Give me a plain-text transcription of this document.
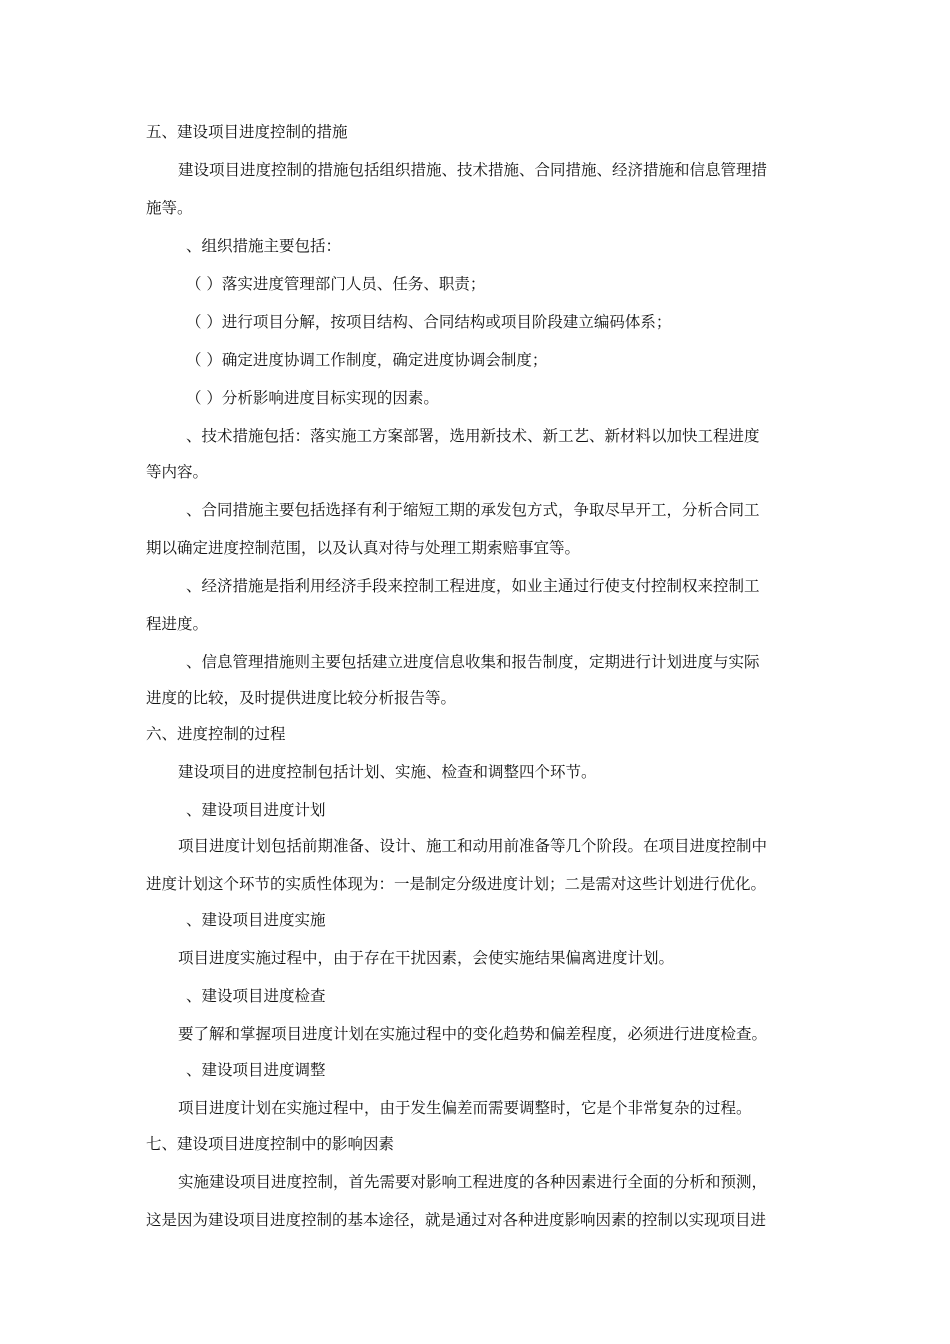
五、建设项目进度控制的措施
建设项目进度控制的措施包括组织措施、技术措施、合同措施、经济措施和信息管理措
施等。
、组织措施主要包括：
（ ）落实进度管理部门人员、任务、职责；
（ ）进行项目分解，按项目结构、合同结构或项目阶段建立编码体系；
（ ）确定进度协调工作制度，确定进度协调会制度；
（ ）分析影响进度目标实现的因素。
、技术措施包括：落实施工方案部署，选用新技术、新工艺、新材料以加快工程进度
等内容。
、合同措施主要包括选择有利于缩短工期的承发包方式，争取尽早开工，分析合同工
期以确定进度控制范围，以及认真对待与处理工期索赔事宜等。
、经济措施是指利用经济手段来控制工程进度，如业主通过行使支付控制权来控制工
程进度。
、信息管理措施则主要包括建立进度信息收集和报告制度，定期进行计划进度与实际
进度的比较，及时提供进度比较分析报告等。
六、进度控制的过程
建设项目的进度控制包括计划、实施、检查和调整四个环节。
、建设项目进度计划
项目进度计划包括前期准备、设计、施工和动用前准备等几个阶段。在项目进度控制中
进度计划这个环节的实质性体现为：一是制定分级进度计划；二是需对这些计划进行优化。
、建设项目进度实施
项目进度实施过程中，由于存在干扰因素，会使实施结果偏离进度计划。
、建设项目进度检查
要了解和掌握项目进度计划在实施过程中的变化趋势和偏差程度，必须进行进度检查。
、建设项目进度调整
项目进度计划在实施过程中，由于发生偏差而需要调整时，它是个非常复杂的过程。
七、建设项目进度控制中的影响因素
实施建设项目进度控制，首先需要对影响工程进度的各种因素进行全面的分析和预测，
这是因为建设项目进度控制的基本途径，就是通过对各种进度影响因素的控制以实现项目进
